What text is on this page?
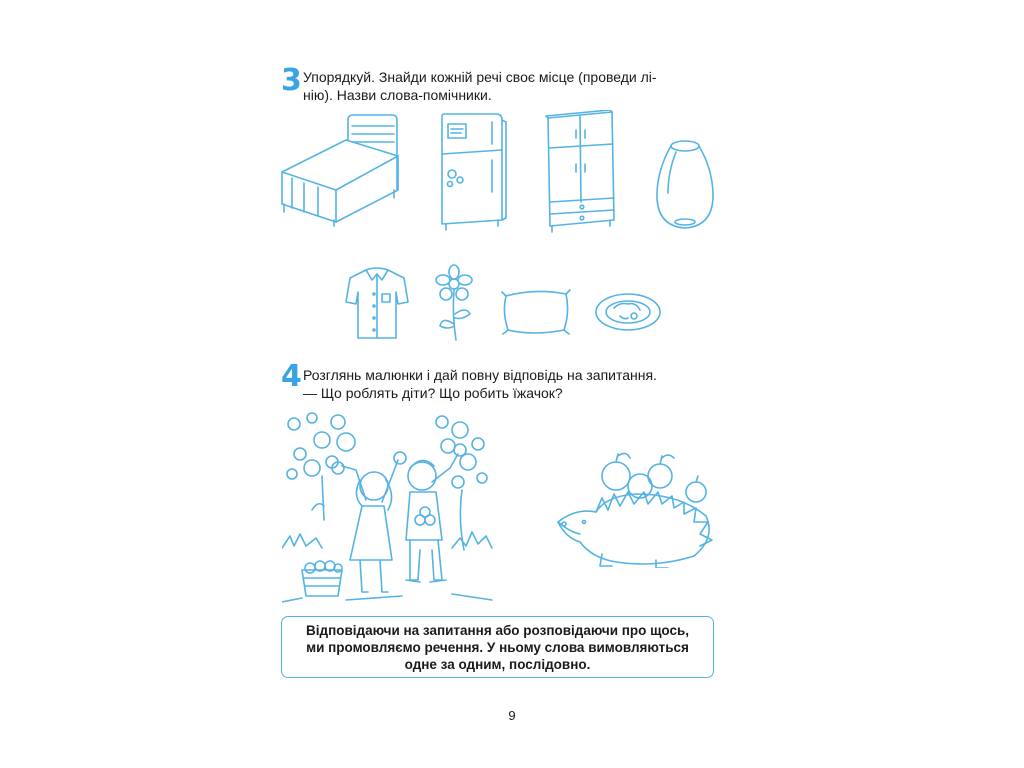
3 Упорядкуй. Знайди кожній речі своє місце (проведи лі-
нію). Назви слова-помічники.
4 Розглянь малюнки і дай повну відповідь на запитання.
— Що роблять діти? Що робить їжачок?
Відповідаючи на запитання або розповідаючи про щось,
ми промовляємо речення. У ньому слова вимовляються
одне за одним, послідовно.
9
